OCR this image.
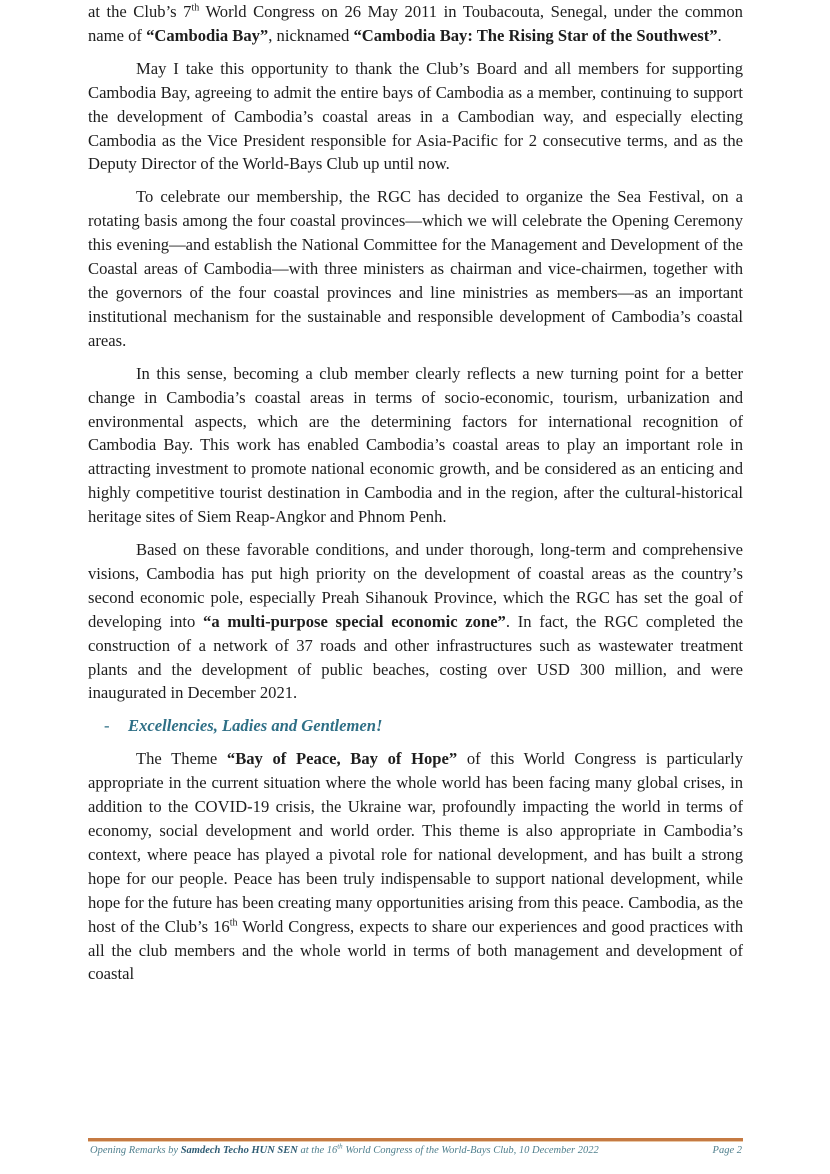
at the Club’s 7th World Congress on 26 May 2011 in Toubacouta, Senegal, under the common name of “Cambodia Bay”, nicknamed “Cambodia Bay: The Rising Star of the Southwest”.

May I take this opportunity to thank the Club’s Board and all members for supporting Cambodia Bay, agreeing to admit the entire bays of Cambodia as a member, continuing to support the development of Cambodia’s coastal areas in a Cambodian way, and especially electing Cambodia as the Vice President responsible for Asia-Pacific for 2 consecutive terms, and as the Deputy Director of the World-Bays Club up until now.

To celebrate our membership, the RGC has decided to organize the Sea Festival, on a rotating basis among the four coastal provinces—which we will celebrate the Opening Ceremony this evening—and establish the National Committee for the Management and Development of the Coastal areas of Cambodia—with three ministers as chairman and vice-chairmen, together with the governors of the four coastal provinces and line ministries as members—as an important institutional mechanism for the sustainable and responsible development of Cambodia’s coastal areas.

In this sense, becoming a club member clearly reflects a new turning point for a better change in Cambodia’s coastal areas in terms of socio-economic, tourism, urbanization and environmental aspects, which are the determining factors for international recognition of Cambodia Bay. This work has enabled Cambodia’s coastal areas to play an important role in attracting investment to promote national economic growth, and be considered as an enticing and highly competitive tourist destination in Cambodia and in the region, after the cultural-historical heritage sites of Siem Reap-Angkor and Phnom Penh.

Based on these favorable conditions, and under thorough, long-term and comprehensive visions, Cambodia has put high priority on the development of coastal areas as the country’s second economic pole, especially Preah Sihanouk Province, which the RGC has set the goal of developing into “a multi-purpose special economic zone”. In fact, the RGC completed the construction of a network of 37 roads and other infrastructures such as wastewater treatment plants and the development of public beaches, costing over USD 300 million, and were inaugurated in December 2021.

- Excellencies, Ladies and Gentlemen!

The Theme “Bay of Peace, Bay of Hope” of this World Congress is particularly appropriate in the current situation where the whole world has been facing many global crises, in addition to the COVID-19 crisis, the Ukraine war, profoundly impacting the world in terms of economy, social development and world order. This theme is also appropriate in Cambodia’s context, where peace has played a pivotal role for national development, and has built a strong hope for our people. Peace has been truly indispensable to support national development, while hope for the future has been creating many opportunities arising from this peace. Cambodia, as the host of the Club’s 16th World Congress, expects to share our experiences and good practices with all the club members and the whole world in terms of both management and development of coastal

Opening Remarks by Samdech Techo HUN SEN at the 16th World Congress of the World-Bays Club, 10 December 2022	Page 2
